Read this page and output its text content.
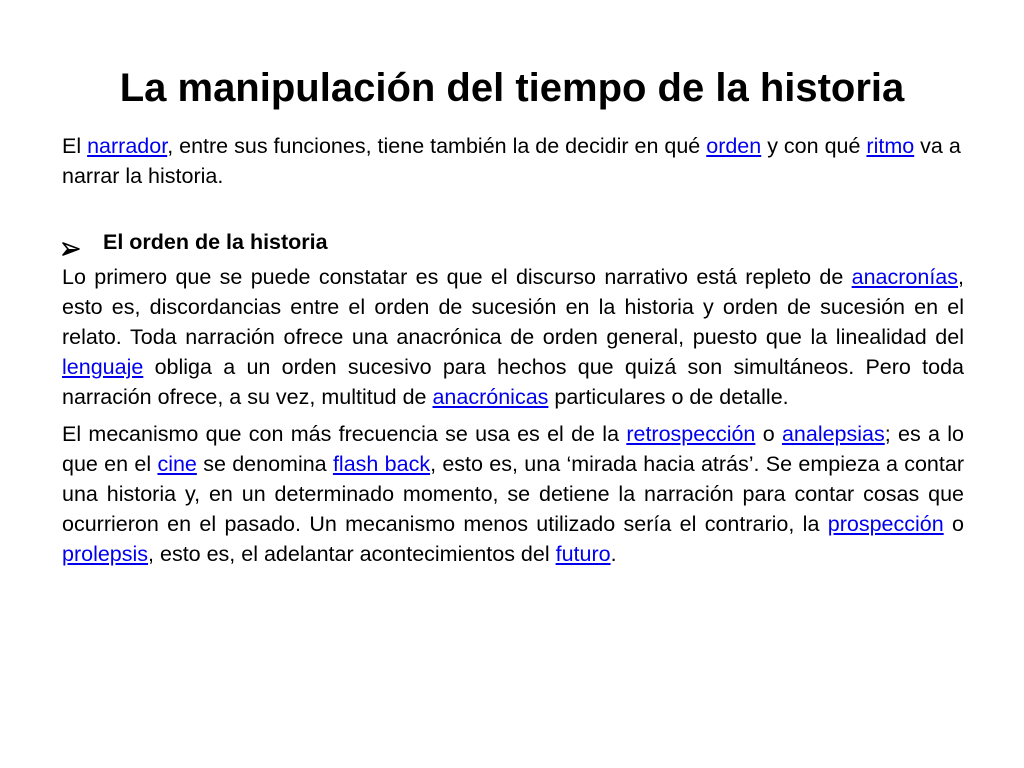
La manipulación del tiempo de la historia

El narrador, entre sus funciones, tiene también la de decidir en qué orden y con qué ritmo va a narrar la historia.

El orden de la historia

Lo primero que se puede constatar es que el discurso narrativo está repleto de anacronías, esto es, discordancias entre el orden de sucesión en la historia y orden de sucesión en el relato. Toda narración ofrece una anacrónica de orden general, puesto que la linealidad del lenguaje obliga a un orden sucesivo para hechos que quizá son simultáneos. Pero toda narración ofrece, a su vez, multitud de anacrónicas particulares o de detalle.

El mecanismo que con más frecuencia se usa es el de la retrospección o analepsias; es a lo que en el cine se denomina flash back, esto es, una ‘mirada hacia atrás’. Se empieza a contar una historia y, en un determinado momento, se detiene la narración para contar cosas que ocurrieron en el pasado. Un mecanismo menos utilizado sería el contrario, la prospección o prolepsis, esto es, el adelantar acontecimientos del futuro.
